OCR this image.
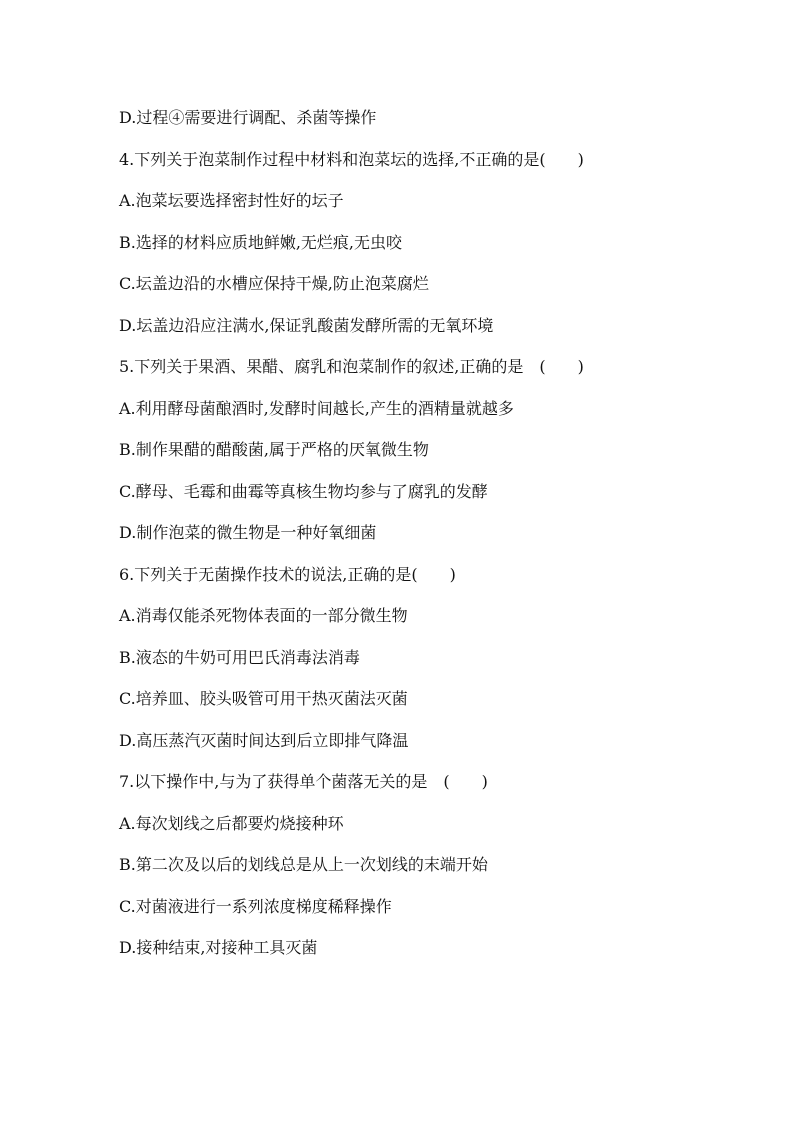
D.过程④需要进行调配、杀菌等操作
4.下列关于泡菜制作过程中材料和泡菜坛的选择,不正确的是(　　)
A.泡菜坛要选择密封性好的坛子
B.选择的材料应质地鲜嫩,无烂痕,无虫咬
C.坛盖边沿的水槽应保持干燥,防止泡菜腐烂
D.坛盖边沿应注满水,保证乳酸菌发酵所需的无氧环境
5.下列关于果酒、果醋、腐乳和泡菜制作的叙述,正确的是　(　　)
A.利用酵母菌酿酒时,发酵时间越长,产生的酒精量就越多
B.制作果醋的醋酸菌,属于严格的厌氧微生物
C.酵母、毛霉和曲霉等真核生物均参与了腐乳的发酵
D.制作泡菜的微生物是一种好氧细菌
6.下列关于无菌操作技术的说法,正确的是(　　)
A.消毒仅能杀死物体表面的一部分微生物
B.液态的牛奶可用巴氏消毒法消毒
C.培养皿、胶头吸管可用干热灭菌法灭菌
D.高压蒸汽灭菌时间达到后立即排气降温
7.以下操作中,与为了获得单个菌落无关的是　(　　)
A.每次划线之后都要灼烧接种环
B.第二次及以后的划线总是从上一次划线的末端开始
C.对菌液进行一系列浓度梯度稀释操作
D.接种结束,对接种工具灭菌
